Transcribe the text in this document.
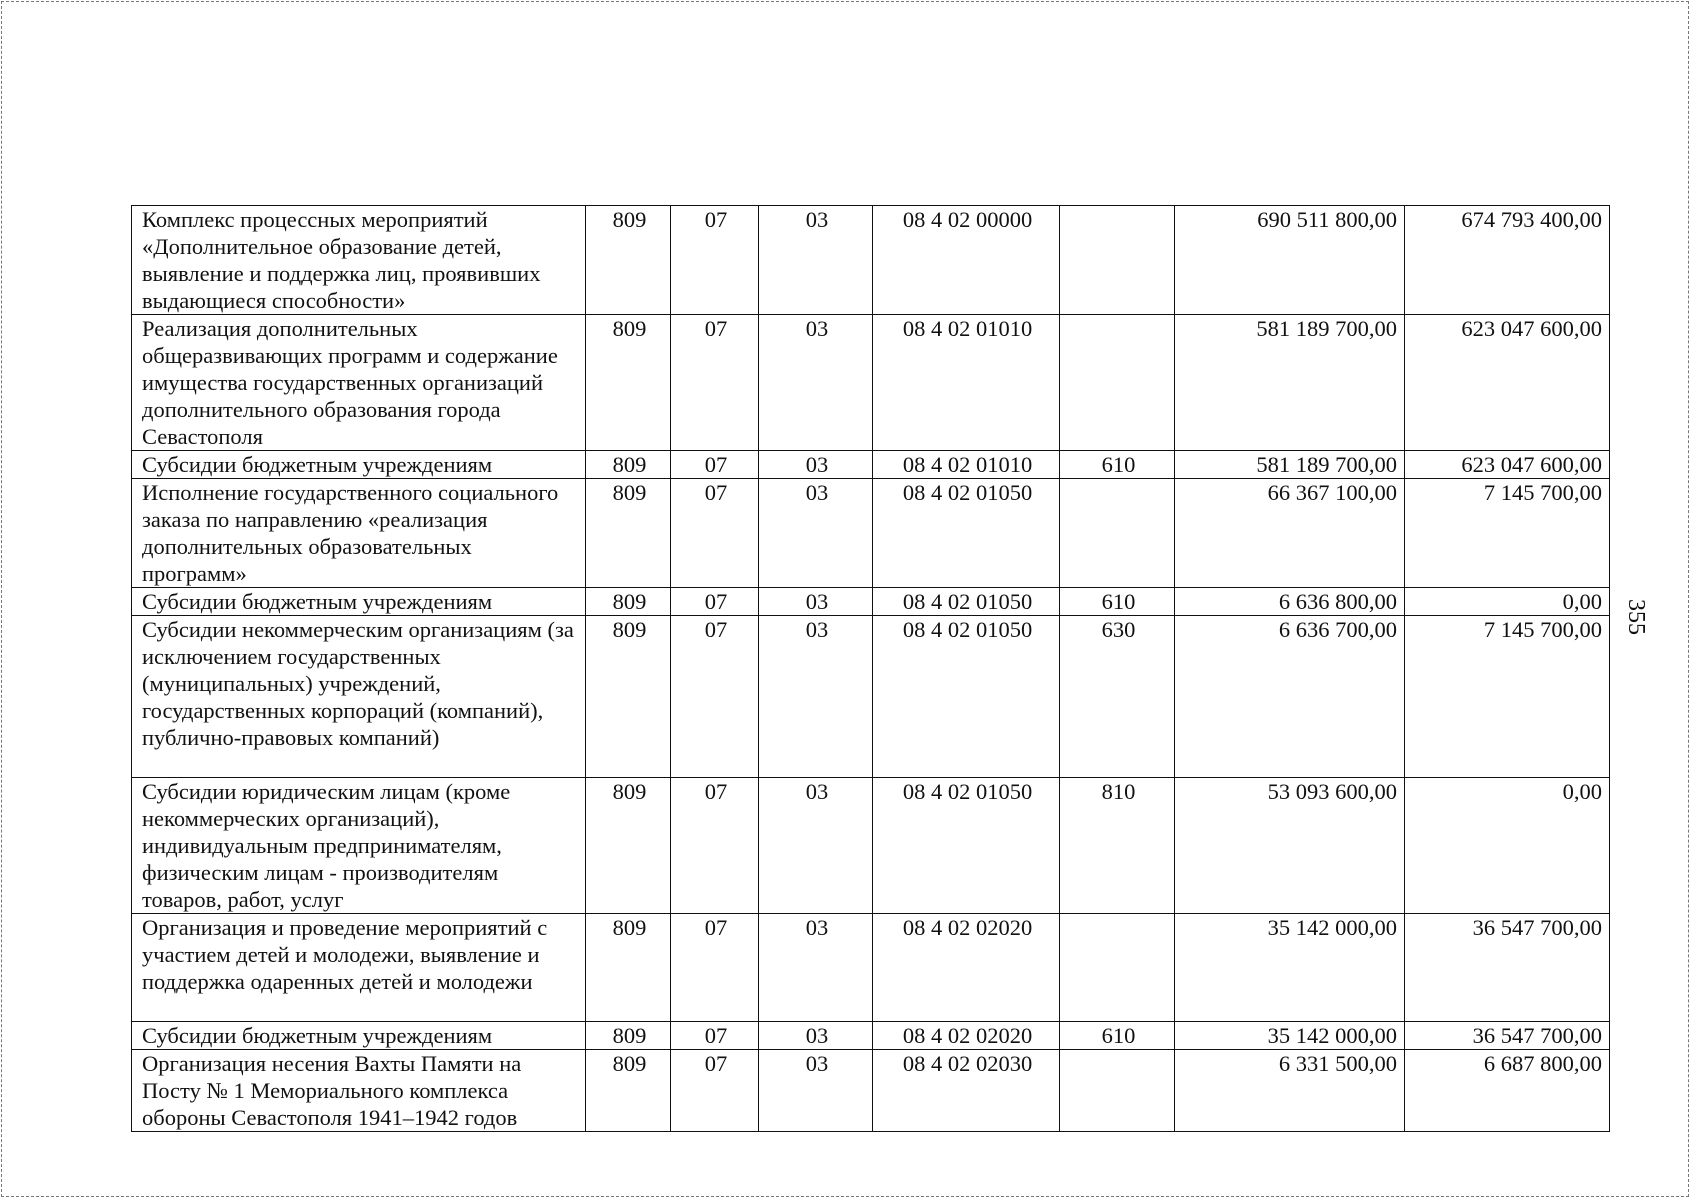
Комплекс процессных мероприятий «Дополнительное образование детей, выявление и поддержка лиц, проявивших выдающиеся способности»	809	07	03	08 4 02 00000		690 511 800,00	674 793 400,00
Реализация дополнительных общеразвивающих программ и содержание имущества государственных организаций дополнительного образования города Севастополя	809	07	03	08 4 02 01010		581 189 700,00	623 047 600,00
Субсидии бюджетным учреждениям	809	07	03	08 4 02 01010	610	581 189 700,00	623 047 600,00
Исполнение государственного социального заказа по направлению «реализация дополнительных образовательных программ»	809	07	03	08 4 02 01050		66 367 100,00	7 145 700,00
Субсидии бюджетным учреждениям	809	07	03	08 4 02 01050	610	6 636 800,00	0,00
Субсидии некоммерческим организациям (за исключением государственных (муниципальных) учреждений, государственных корпораций (компаний), публично-правовых компаний)	809	07	03	08 4 02 01050	630	6 636 700,00	7 145 700,00
Субсидии юридическим лицам (кроме некоммерческих организаций), индивидуальным предпринимателям, физическим лицам - производителям товаров, работ, услуг	809	07	03	08 4 02 01050	810	53 093 600,00	0,00
Организация и проведение мероприятий с участием детей и молодежи, выявление и поддержка одаренных детей и молодежи	809	07	03	08 4 02 02020		35 142 000,00	36 547 700,00
Субсидии бюджетным учреждениям	809	07	03	08 4 02 02020	610	35 142 000,00	36 547 700,00
Организация несения Вахты Памяти на Посту № 1 Мемориального комплекса обороны Севастополя 1941–1942 годов	809	07	03	08 4 02 02030		6 331 500,00	6 687 800,00
355
